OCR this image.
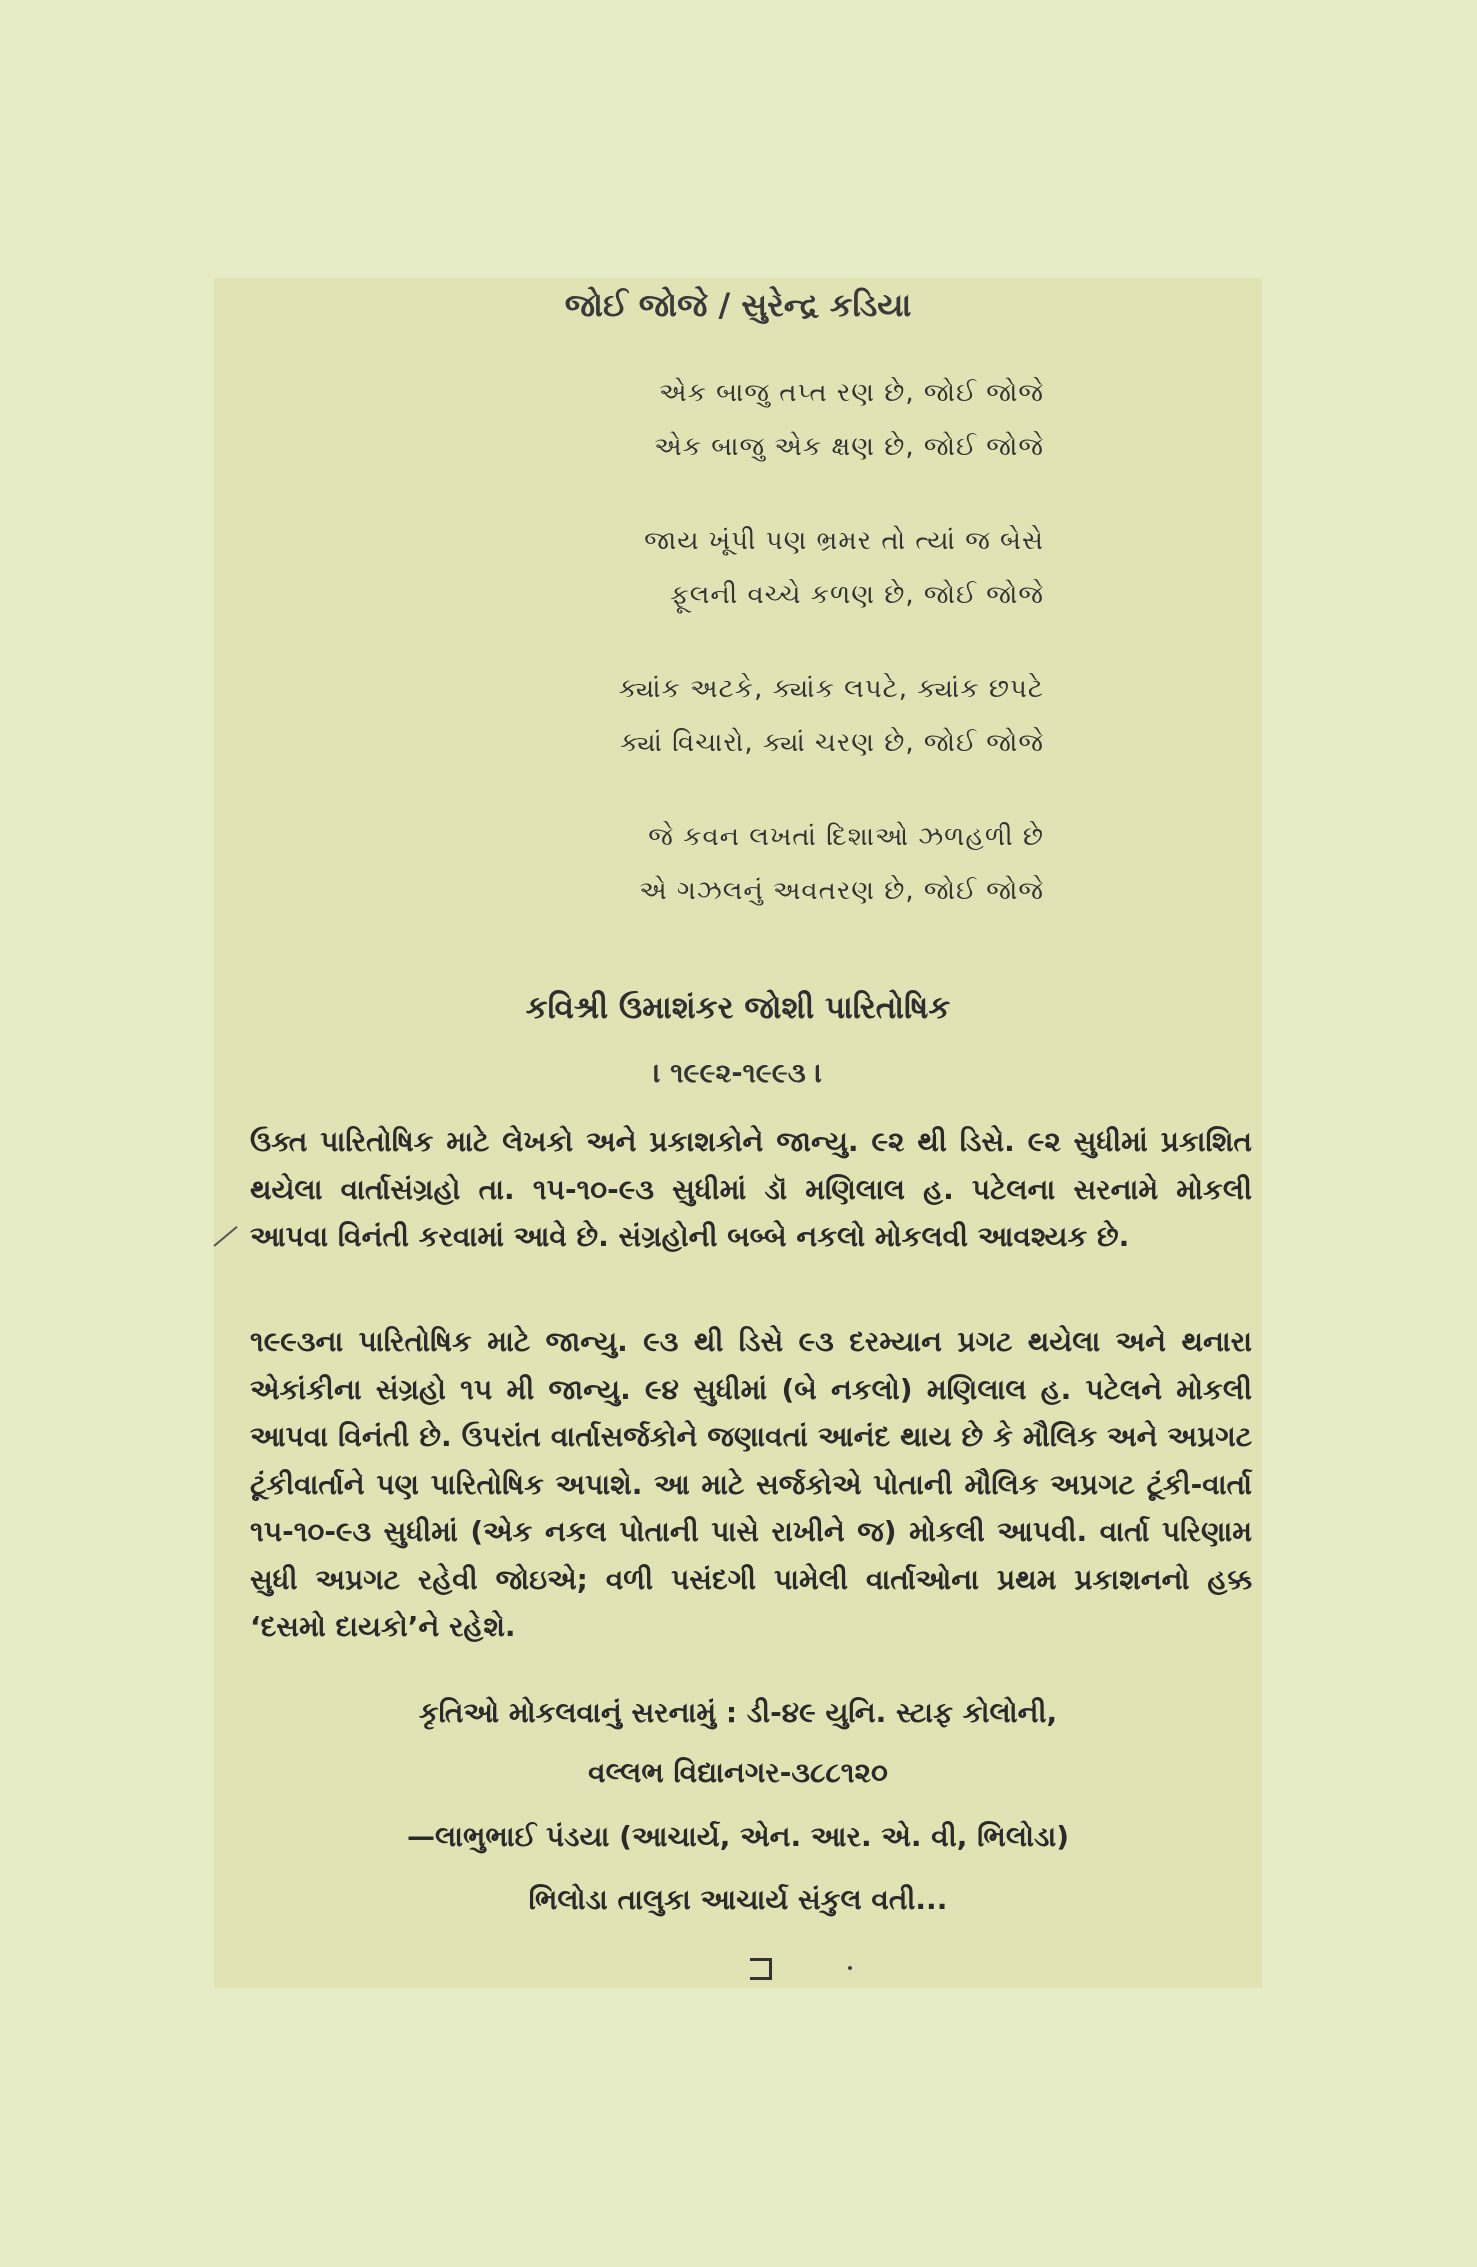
જોઈ જોજે / સુરેન્દ્ર કડિયા
એક બાજુ તપ્ત રણ છે, જોઈ જોજે
એક બાજુ એક ક્ષણ છે, જોઈ જોજે
જાય ખૂંપી પણ ભ્રમર તો ત્યાં જ બેસે
ફૂલની વચ્ચે કળણ છે, જોઈ જોજે
ક્યાંક અટકે, ક્યાંક લપટે, ક્યાંક છપટે
ક્યાં વિચારો, ક્યાં ચરણ છે, જોઈ જોજે
જે કવન લખતાં દિશાઓ ઝળહળી છે
એ ગઝલનું અવતરણ છે, જોઈ જોજે
કવિશ્રી ઉમાશંકર જોશી પારિતોષિક
। ૧૯૯૨-૧૯૯૩ ।
ઉક્ત પારિતોષિક માટે લેખકો અને પ્રકાશકોને જાન્યુ. ૯૨ થી ડિસે. ૯૨ સુધીમાં પ્રકાશિત થયેલા વાર્તાસંગ્રહો તા. ૧૫-૧૦-૯૩ સુધીમાં ડૉ મણિલાલ હ. પટેલના સરનામે મોકલી આપવા વિનંતી કરવામાં આવે છે. સંગ્રહોની બબ્બે નકલો મોકલવી આવશ્યક છે.
૧૯૯૩ના પારિતોષિક માટે જાન્યુ. ૯૩ થી ડિસે ૯૩ દરમ્યાન પ્રગટ થયેલા અને થનારા એકાંકીના સંગ્રહો ૧૫ મી જાન્યુ. ૯૪ સુધીમાં (બે નકલો) મણિલાલ હ. પટેલને મોકલી આપવા વિનંતી છે. ઉપરાંત વાર્તાસર્જકોને જણાવતાં આનંદ થાય છે કે મૌલિક અને અપ્રગટ ટૂંકીવાર્તાને પણ પારિતોષિક અપાશે. આ માટે સર્જકોએ પોતાની મૌલિક અપ્રગટ ટૂંકી-વાર્તા ૧૫-૧૦-૯૩ સુધીમાં (એક નકલ પોતાની પાસે રાખીને જ) મોકલી આપવી. વાર્તા પરિણામ સુધી અપ્રગટ રહેવી જોઇએ; વળી પસંદગી પામેલી વાર્તાઓના પ્રથમ પ્રકાશનનો હક્ક ‘દસમો દાયકો’ને રહેશે.
કૃતિઓ મોકલવાનું સરનામું : ડી-૪૯ યુનિ. સ્ટાફ કોલોની,
વલ્લભ વિદ્યાનગર-૩૮૮૧૨૦
—લાભુભાઈ પંડયા (આચાર્ય, એન. આર. એ. વી, ભિલોડા)
ભિલોડા તાલુકા આચાર્ય સંકુલ વતી...
